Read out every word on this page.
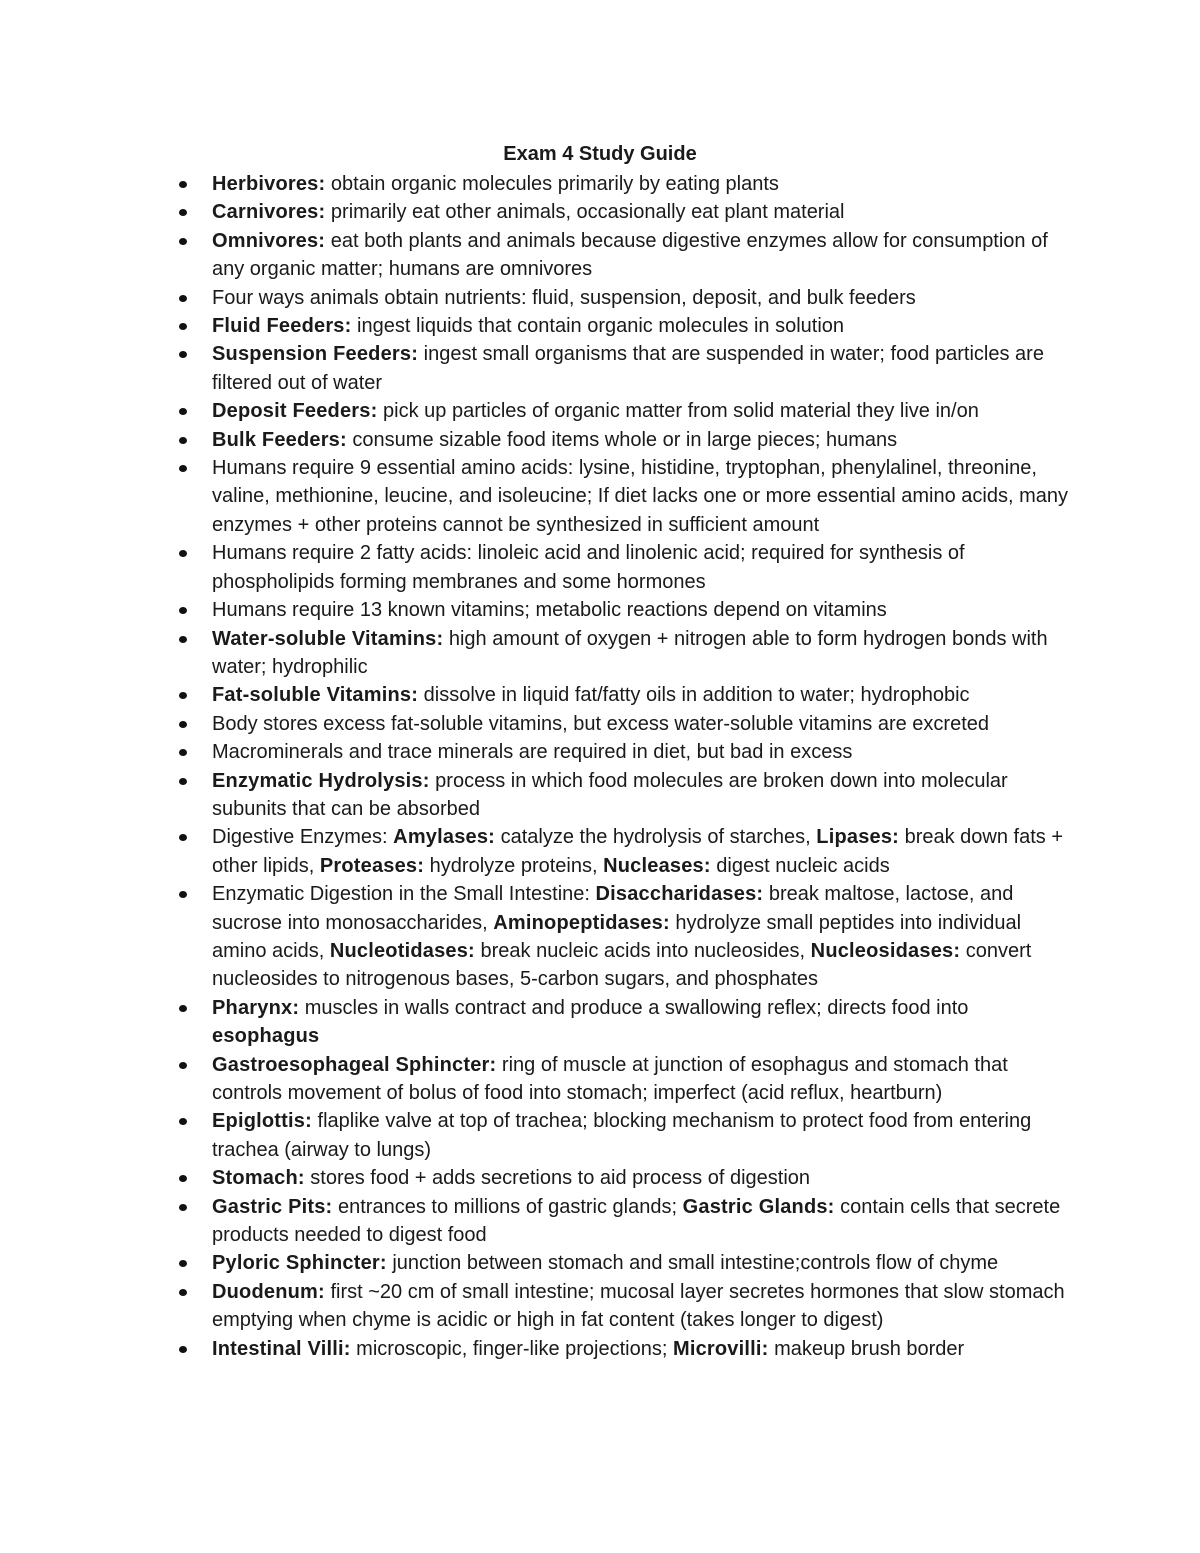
Exam 4 Study Guide
Herbivores: obtain organic molecules primarily by eating plants
Carnivores: primarily eat other animals, occasionally eat plant material
Omnivores: eat both plants and animals because digestive enzymes allow for consumption of any organic matter; humans are omnivores
Four ways animals obtain nutrients: fluid, suspension, deposit, and bulk feeders
Fluid Feeders: ingest liquids that contain organic molecules in solution
Suspension Feeders: ingest small organisms that are suspended in water; food particles are filtered out of water
Deposit Feeders: pick up particles of organic matter from solid material they live in/on
Bulk Feeders: consume sizable food items whole or in large pieces; humans
Humans require 9 essential amino acids: lysine, histidine, tryptophan, phenylalinel, threonine, valine, methionine, leucine, and isoleucine; If diet lacks one or more essential amino acids, many enzymes + other proteins cannot be synthesized in sufficient amount
Humans require 2 fatty acids: linoleic acid and linolenic acid; required for synthesis of phospholipids forming membranes and some hormones
Humans require 13 known vitamins; metabolic reactions depend on vitamins
Water-soluble Vitamins: high amount of oxygen + nitrogen able to form hydrogen bonds with water; hydrophilic
Fat-soluble Vitamins: dissolve in liquid fat/fatty oils in addition to water; hydrophobic
Body stores excess fat-soluble vitamins, but excess water-soluble vitamins are excreted
Macrominerals and trace minerals are required in diet, but bad in excess
Enzymatic Hydrolysis: process in which food molecules are broken down into molecular subunits that can be absorbed
Digestive Enzymes: Amylases: catalyze the hydrolysis of starches, Lipases: break down fats + other lipids, Proteases: hydrolyze proteins, Nucleases: digest nucleic acids
Enzymatic Digestion in the Small Intestine: Disaccharidases: break maltose, lactose, and sucrose into monosaccharides, Aminopeptidases: hydrolyze small peptides into individual amino acids, Nucleotidases: break nucleic acids into nucleosides, Nucleosidases: convert nucleosides to nitrogenous bases, 5-carbon sugars, and phosphates
Pharynx: muscles in walls contract and produce a swallowing reflex; directs food into esophagus
Gastroesophageal Sphincter: ring of muscle at junction of esophagus and stomach that controls movement of bolus of food into stomach; imperfect (acid reflux, heartburn)
Epiglottis: flaplike valve at top of trachea; blocking mechanism to protect food from entering trachea (airway to lungs)
Stomach: stores food + adds secretions to aid process of digestion
Gastric Pits: entrances to millions of gastric glands; Gastric Glands: contain cells that secrete products needed to digest food
Pyloric Sphincter: junction between stomach and small intestine;controls flow of chyme
Duodenum: first ~20 cm of small intestine; mucosal layer secretes hormones that slow stomach emptying when chyme is acidic or high in fat content (takes longer to digest)
Intestinal Villi: microscopic, finger-like projections; Microvilli: makeup brush border
